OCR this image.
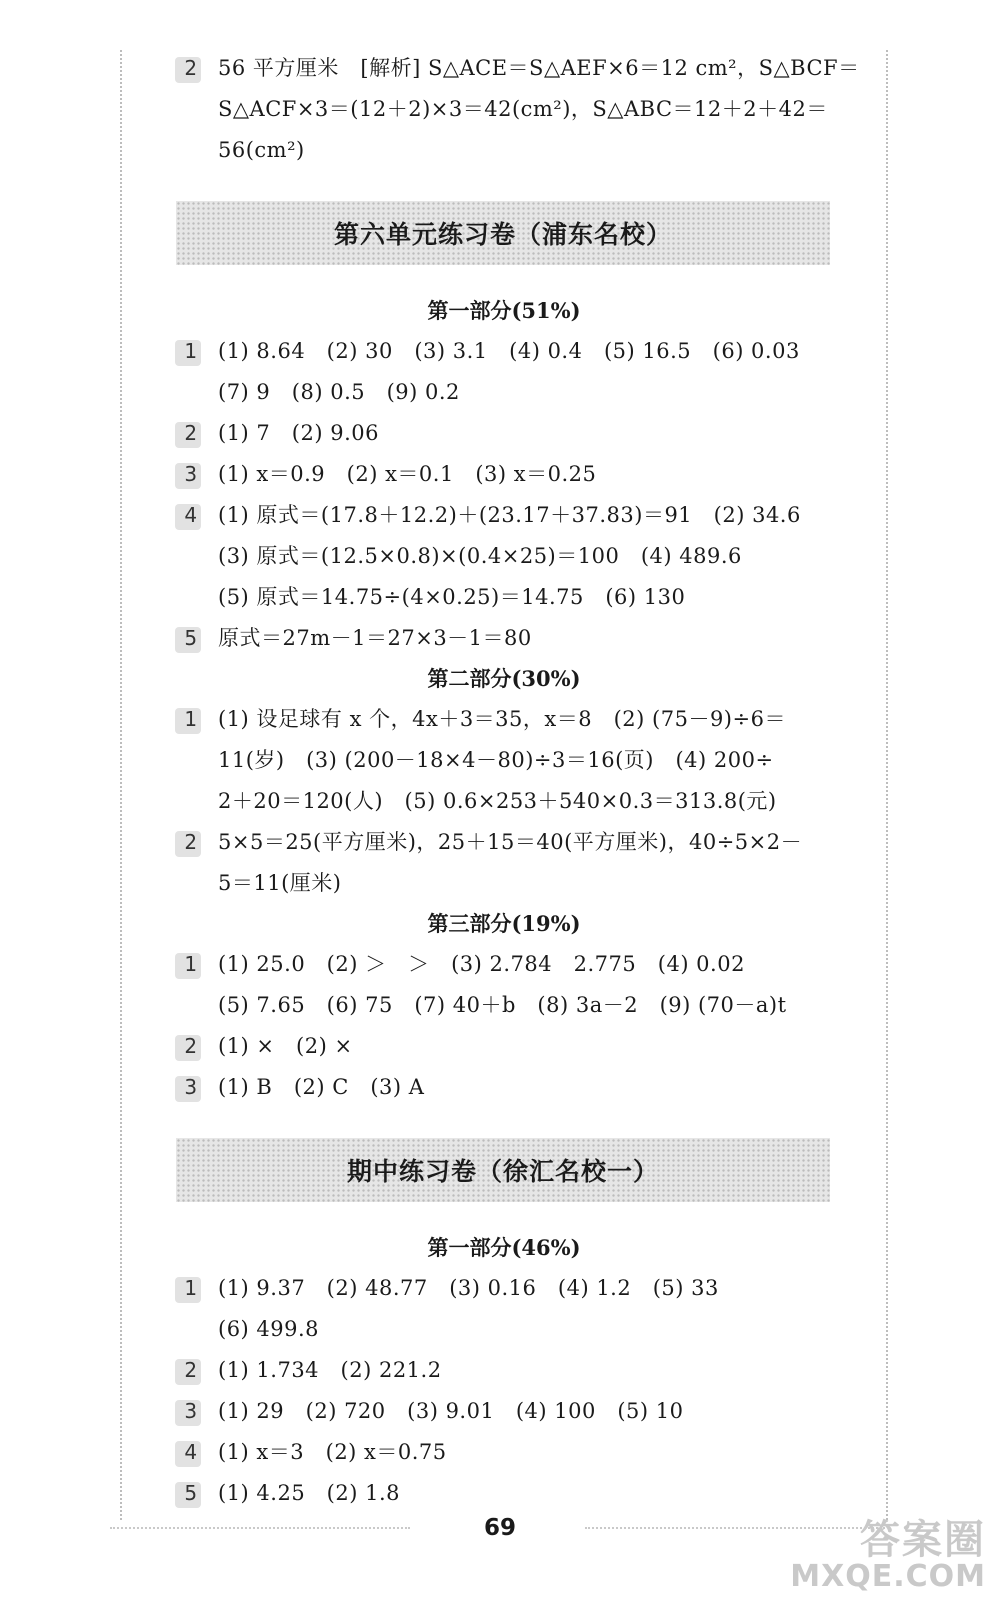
2 56 平方厘米　[解析] S△ACE＝S△AEF×6＝12 cm²，S△BCF＝
S△ACF×3＝(12＋2)×3＝42(cm²)，S△ABC＝12＋2＋42＝
56(cm²)
第六单元练习卷（浦东名校）
第一部分(51%)
1 (1) 8.64　(2) 30　(3) 3.1　(4) 0.4　(5) 16.5　(6) 0.03
(7) 9　(8) 0.5　(9) 0.2
2 (1) 7　(2) 9.06
3 (1) x＝0.9　(2) x＝0.1　(3) x＝0.25
4 (1) 原式＝(17.8＋12.2)＋(23.17＋37.83)＝91　(2) 34.6
(3) 原式＝(12.5×0.8)×(0.4×25)＝100　(4) 489.6
(5) 原式＝14.75÷(4×0.25)＝14.75　(6) 130
5 原式＝27m－1＝27×3－1＝80
第二部分(30%)
1 (1) 设足球有 x 个，4x＋3＝35，x＝8　(2) (75－9)÷6＝
11(岁)　(3) (200－18×4－80)÷3＝16(页)　(4) 200÷
2＋20＝120(人)　(5) 0.6×253＋540×0.3＝313.8(元)
2 5×5＝25(平方厘米)，25＋15＝40(平方厘米)，40÷5×2－
5＝11(厘米)
第三部分(19%)
1 (1) 25.0　(2) ＞　＞　(3) 2.784　2.775　(4) 0.02
(5) 7.65　(6) 75　(7) 40＋b　(8) 3a－2　(9) (70－a)t
2 (1) ×　(2) ×
3 (1) B　(2) C　(3) A
期中练习卷（徐汇名校一）
第一部分(46%)
1 (1) 9.37　(2) 48.77　(3) 0.16　(4) 1.2　(5) 33
(6) 499.8
2 (1) 1.734　(2) 221.2
3 (1) 29　(2) 720　(3) 9.01　(4) 100　(5) 10
4 (1) x＝3　(2) x＝0.75
5 (1) 4.25　(2) 1.8
69	答案圈
MXQE.COM
